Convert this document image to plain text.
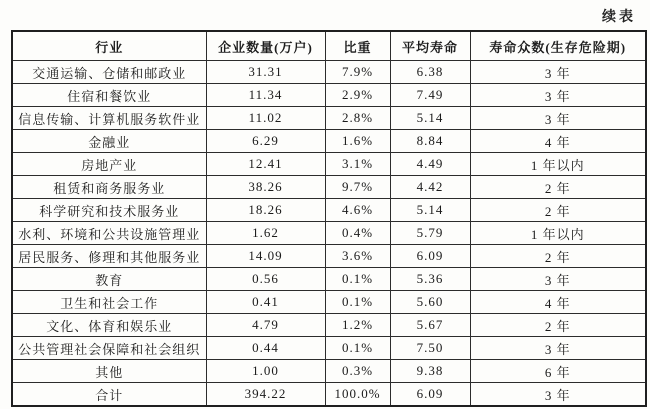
续表
行业	企业数量(万户)	比重	平均寿命	寿命众数(生存危险期)
交通运输、仓储和邮政业	31.31	7.9%	6.38	3 年
住宿和餐饮业	11.34	2.9%	7.49	3 年
信息传输、计算机服务软件业	11.02	2.8%	5.14	3 年
金融业	6.29	1.6%	8.84	4 年
房地产业	12.41	3.1%	4.49	1 年以内
租赁和商务服务业	38.26	9.7%	4.42	2 年
科学研究和技术服务业	18.26	4.6%	5.14	2 年
水利、环境和公共设施管理业	1.62	0.4%	5.79	1 年以内
居民服务、修理和其他服务业	14.09	3.6%	6.09	2 年
教育	0.56	0.1%	5.36	3 年
卫生和社会工作	0.41	0.1%	5.60	4 年
文化、体育和娱乐业	4.79	1.2%	5.67	2 年
公共管理社会保障和社会组织	0.44	0.1%	7.50	3 年
其他	1.00	0.3%	9.38	6 年
合计	394.22	100.0%	6.09	3 年
